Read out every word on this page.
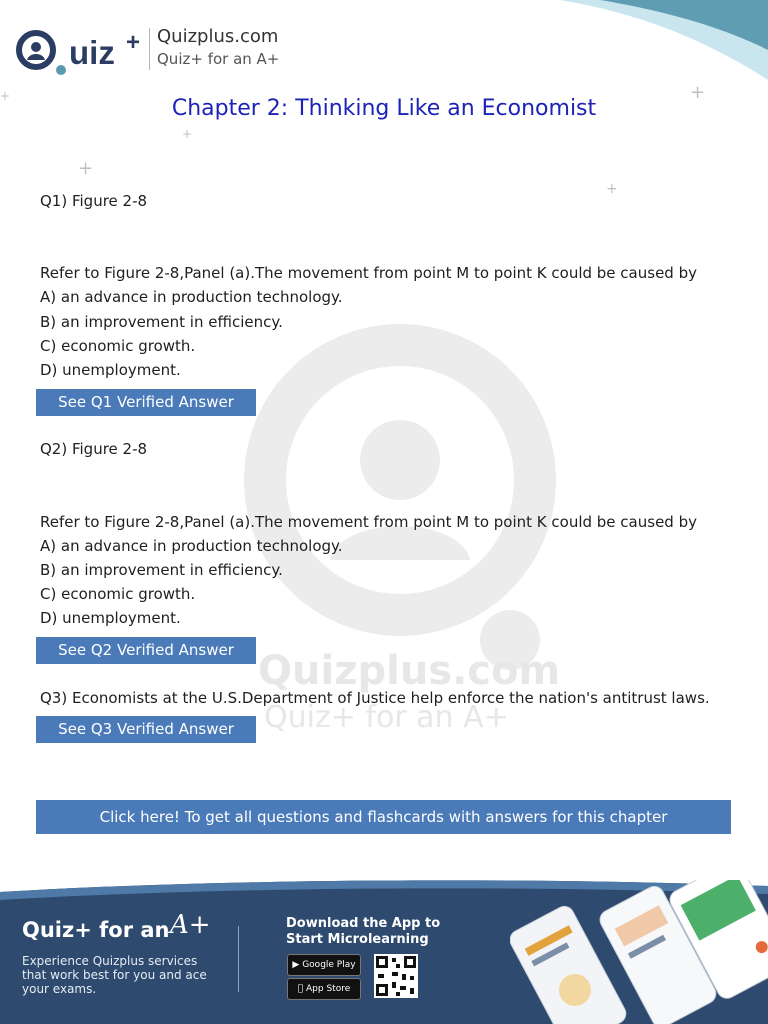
Quizplus.com
Quiz+ for an A+
+
+
+
+
+
uiz + Quizplus.com
Quiz+ for an A+
Chapter 2: Thinking Like an Economist
Q1) Figure 2-8
Refer to Figure 2-8,Panel (a).The movement from point M to point K could be caused by
A) an advance in production technology.
B) an improvement in efficiency.
C) economic growth.
D) unemployment.
See Q1 Verified Answer
Q2) Figure 2-8
Refer to Figure 2-8,Panel (a).The movement from point M to point K could be caused by
A) an advance in production technology.
B) an improvement in efficiency.
C) economic growth.
D) unemployment.
See Q2 Verified Answer
Q3) Economists at the U.S.Department of Justice help enforce the nation's antitrust laws.
See Q3 Verified Answer
Click here! To get all questions and flashcards with answers for this chapter
Quiz+ for an A+
Experience Quizplus services that work best for you and ace your exams.
Download the App to
Start Microlearning
▶ Google Play
App Store
